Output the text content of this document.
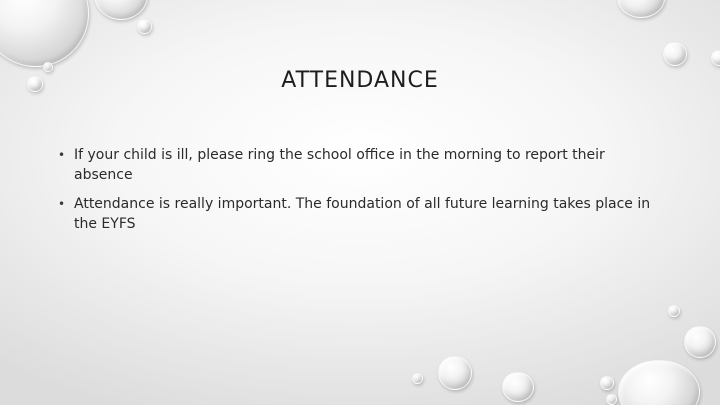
ATTENDANCE
• If your child is ill, please ring the school office in the morning to report their absence
• Attendance is really important. The foundation of all future learning takes place in the EYFS
